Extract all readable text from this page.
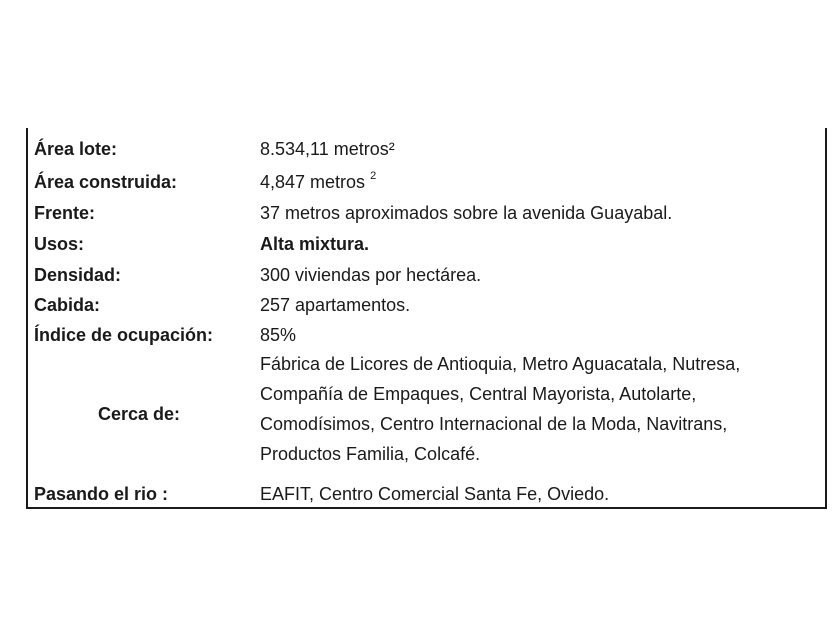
Área lote:	8.534,11 metros²
Área construida:	4,847 metros $^2$
Frente:	37 metros aproximados sobre la avenida Guayabal.
Usos:	Alta mixtura.
Densidad:	300 viviendas por hectárea.
Cabida:	257 apartamentos.
Índice de ocupación:	85%
Cerca de:
Fábrica de Licores de Antioquia, Metro Aguacatala, Nutresa,
Compañía de Empaques, Central Mayorista, Autolarte,
Comodísimos, Centro Internacional de la Moda, Navitrans,
Productos Familia, Colcafé.
Pasando el rio :	EAFIT, Centro Comercial Santa Fe, Oviedo.
